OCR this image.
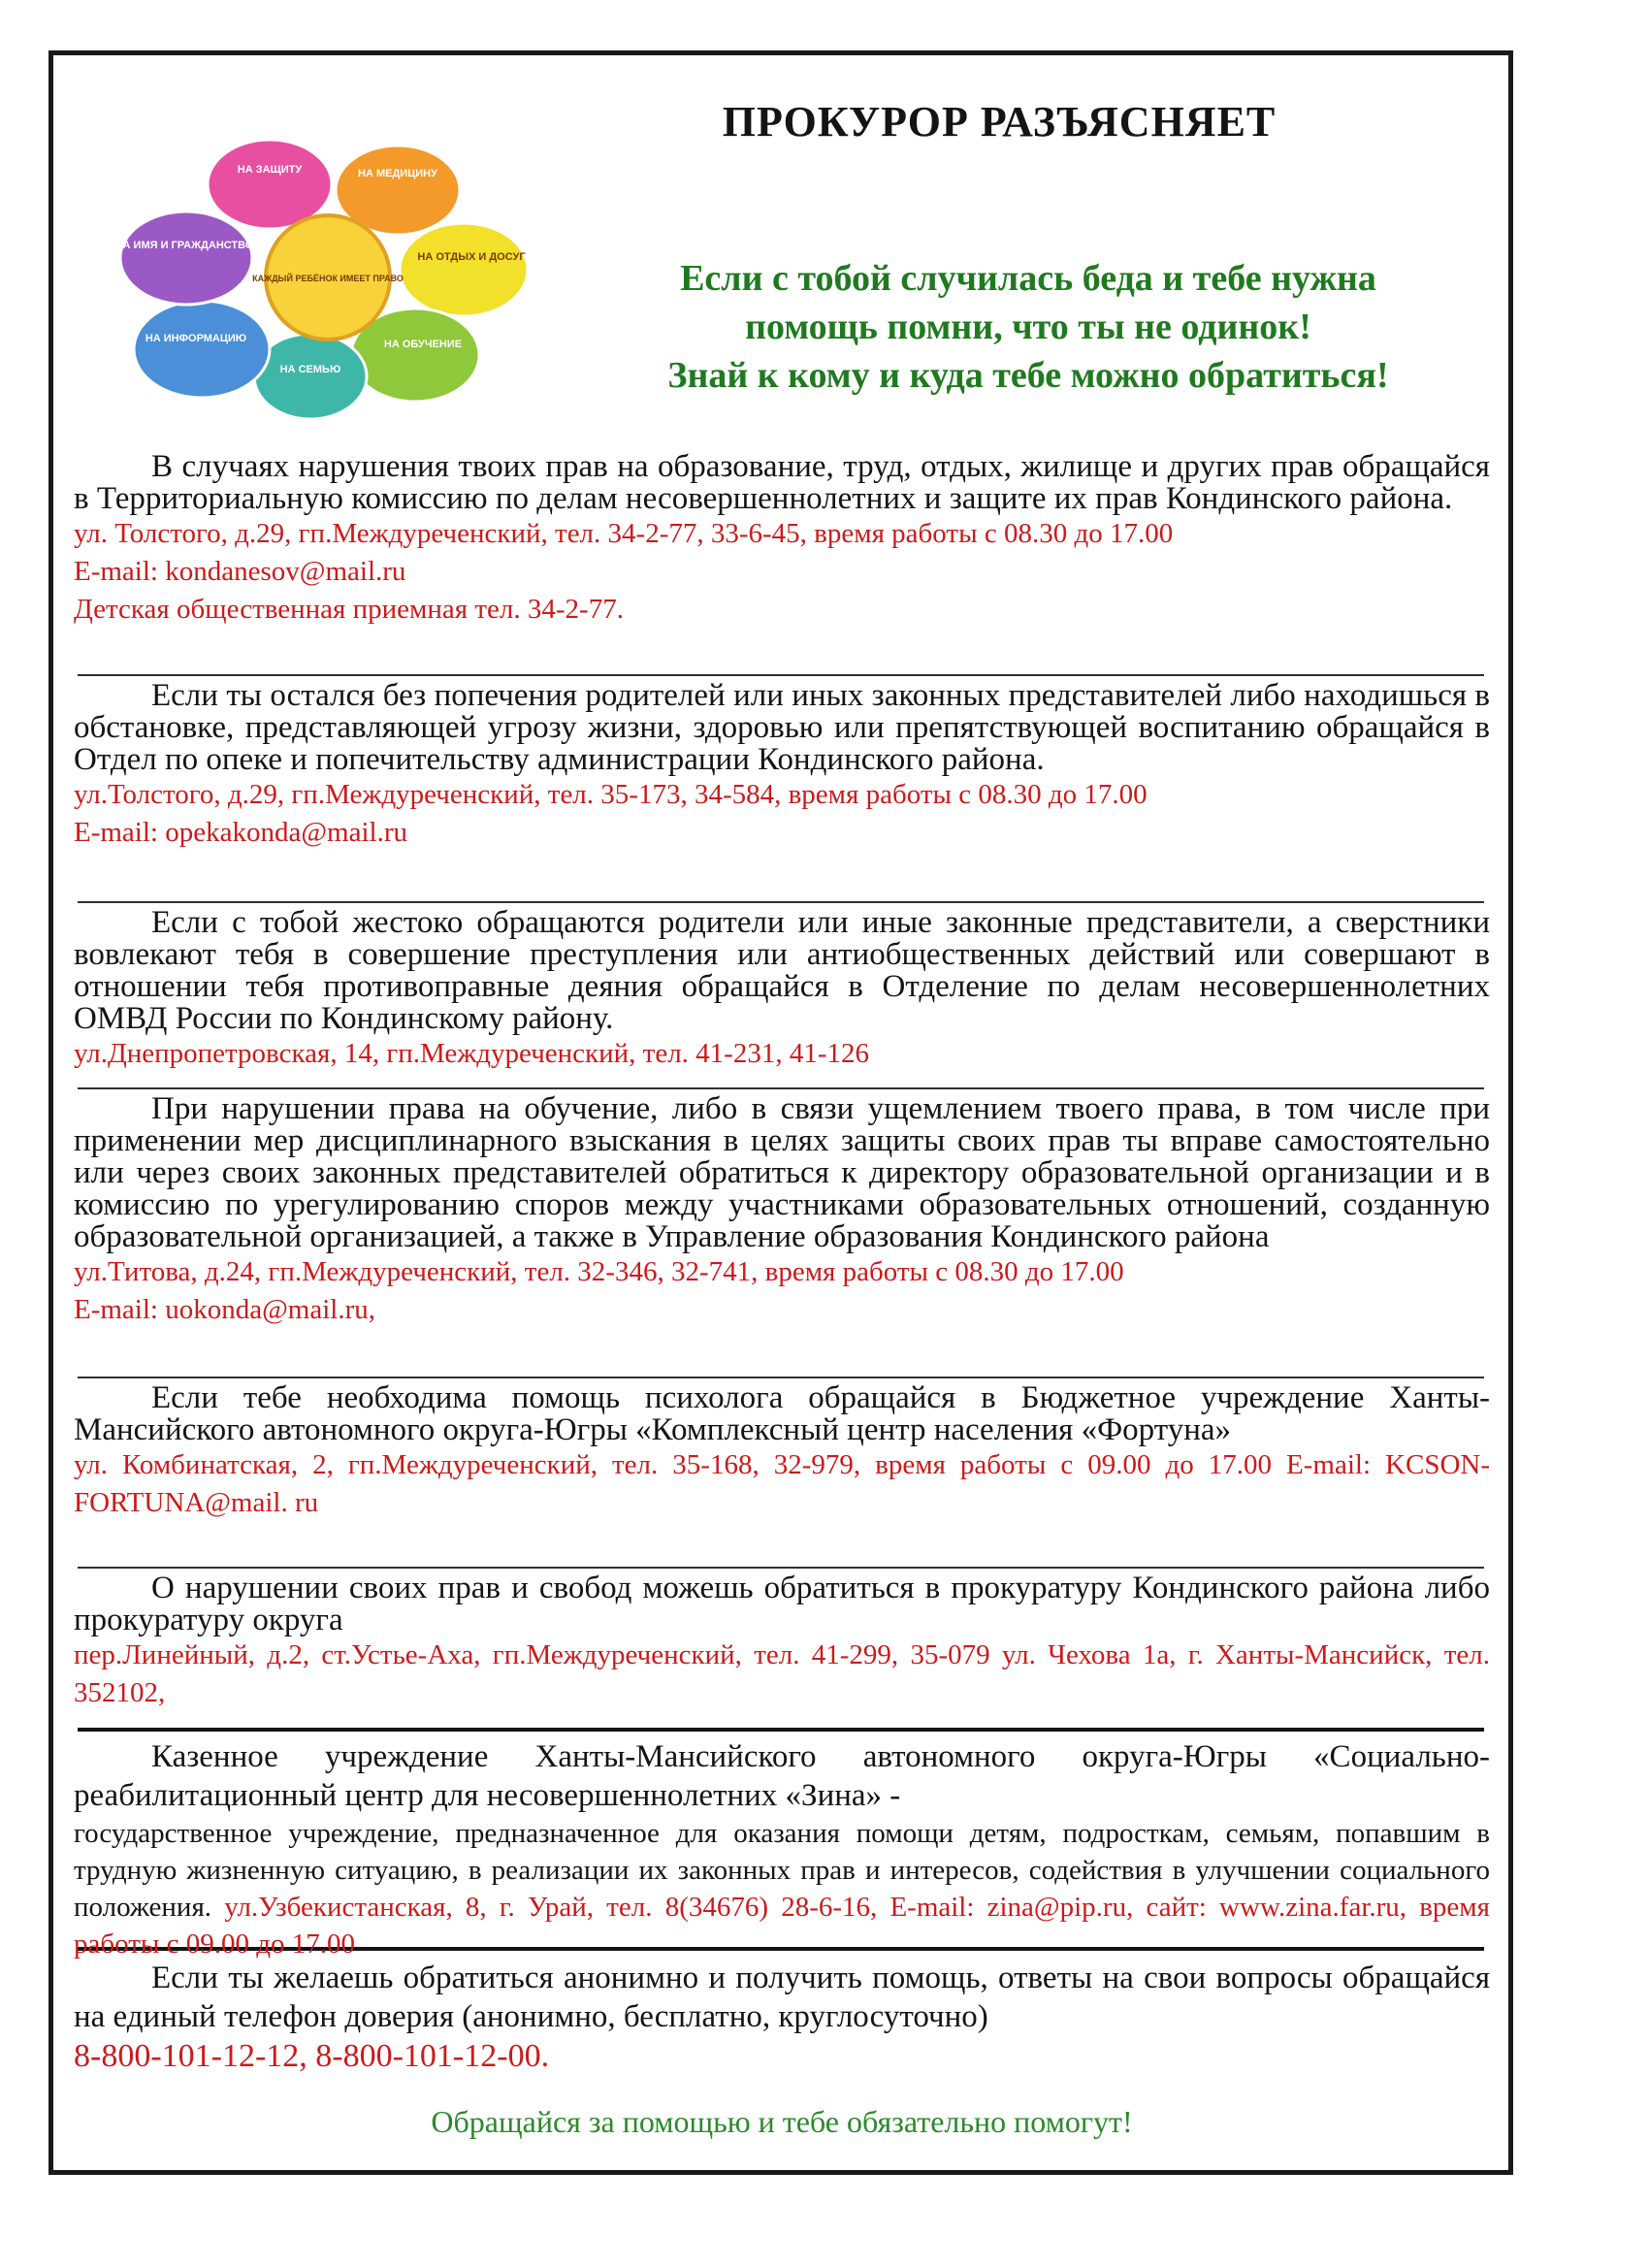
ПРОКУРОР РАЗЪЯСНЯЕТ
НА ЗАЩИТУ	НА МЕДИЦИНУ
НА ОТДЫХ И ДОСУГ
НА ОБУЧЕНИЕ
НА СЕМЬЮ
НА ИНФОРМАЦИЮ
НА ИМЯ И ГРАЖДАНСТВО
КАЖДЫЙ РЕБЁНОК ИМЕЕТ ПРАВО	Если с тобой случилась беда и тебе нужна
помощь помни, что ты не одинок!
Знай к кому и куда тебе можно обратиться!

В случаях нарушения твоих прав на образование, труд, отдых, жилище и других прав обращайся в Территориальную комиссию по делам несовершеннолетних и защите их прав Кондинского района.

ул. Толстого, д.29, гп.Междуреченский, тел. 34-2-77, 33-6-45, время работы с 08.30 до 17.00

E-mail: kondanesov@mail.ru

Детская общественная приемная тел. 34-2-77.

Если ты остался без попечения родителей или иных законных представителей либо находишься в обстановке, представляющей угрозу жизни, здоровью или препятствующей воспитанию обращайся в Отдел по опеке и попечительству администрации Кондинского района.

ул.Толстого, д.29, гп.Междуреченский, тел. 35-173, 34-584, время работы с 08.30 до 17.00

E-mail: opekakonda@mail.ru

Если с тобой жестоко обращаются родители или иные законные представители, а сверстники вовлекают тебя в совершение преступления или антиобщественных действий или совершают в отношении тебя противоправные деяния обращайся в Отделение по делам несовершеннолетних ОМВД России по Кондинскому району.

ул.Днепропетровская, 14, гп.Междуреченский, тел. 41-231, 41-126

При нарушении права на обучение, либо в связи ущемлением твоего права, в том числе при применении мер дисциплинарного взыскания в целях защиты своих прав ты вправе самостоятельно или через своих законных представителей обратиться к директору образовательной организации и в комиссию по урегулированию споров между участниками образовательных отношений, созданную образовательной организацией, а также в Управление образования Кондинского района

ул.Титова, д.24, гп.Междуреченский, тел. 32-346, 32-741, время работы с 08.30 до 17.00

E-mail: uokonda@mail.ru,

Если тебе необходима помощь психолога обращайся в Бюджетное учреждение Ханты-Мансийского автономного округа-Югры «Комплексный центр населения «Фортуна»

ул. Комбинатская, 2, гп.Междуреченский, тел. 35-168, 32-979, время работы с 09.00 до 17.00 E-mail: KCSON-FORTUNA@mail. ru

О нарушении своих прав и свобод можешь обратиться в прокуратуру Кондинского района либо прокуратуру округа

пер.Линейный, д.2, ст.Устье-Аха, гп.Междуреченский, тел. 41-299, 35-079 ул. Чехова 1а, г. Ханты-Мансийск, тел. 352102,

Казенное учреждение Ханты-Мансийского автономного округа-Югры «Социально-реабилитационный центр для несовершеннолетних «Зина» -

государственное учреждение, предназначенное для оказания помощи детям, подросткам, семьям, попавшим в трудную жизненную ситуацию, в реализации их законных прав и интересов, содействия в улучшении социального положения. ул.Узбекистанская, 8, г. Урай, тел. 8(34676) 28-6-16, E-mail: zina@pip.ru, сайт: www.zina.far.ru, время работы с 09.00 до 17.00

Если ты желаешь обратиться анонимно и получить помощь, ответы на свои вопросы обращайся на единый телефон доверия (анонимно, бесплатно, круглосуточно)

8-800-101-12-12, 8-800-101-12-00.

Обращайся за помощью и тебе обязательно помогут!
